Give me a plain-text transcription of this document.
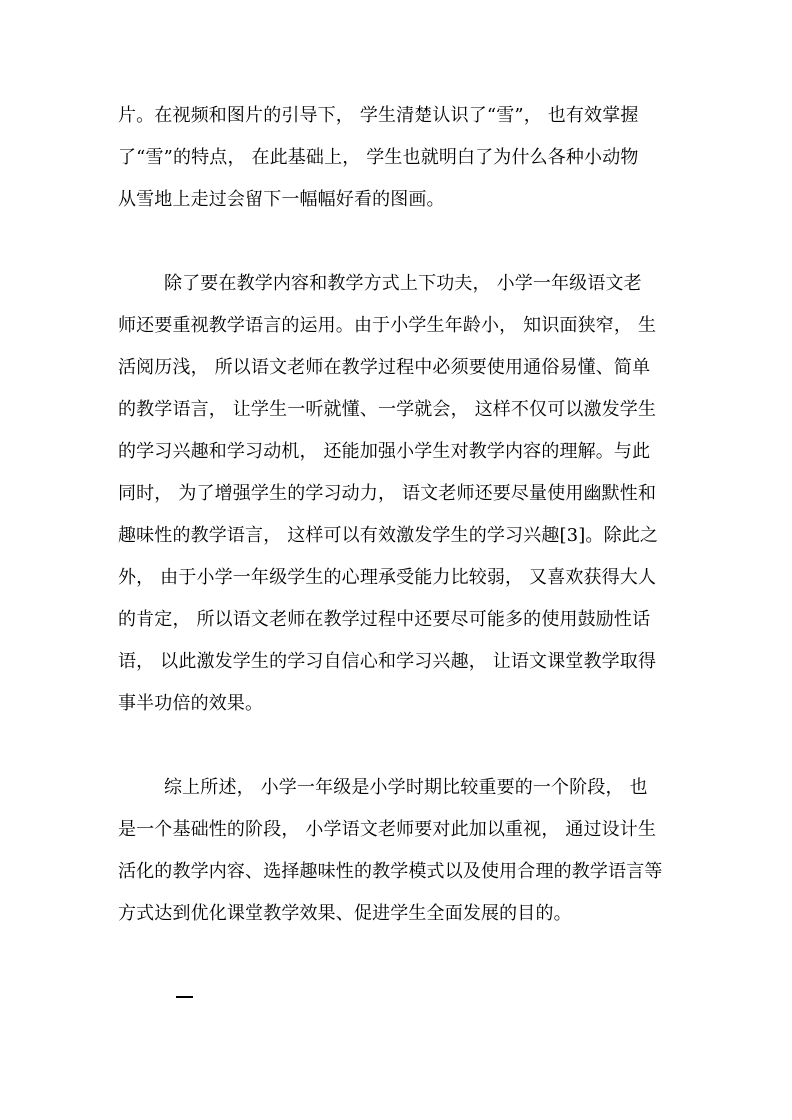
片。在视频和图片的引导下， 学生清楚认识了“雪”， 也有效掌握
了“雪”的特点， 在此基础上， 学生也就明白了为什么各种小动物
从雪地上走过会留下一幅幅好看的图画。
除了要在教学内容和教学方式上下功夫， 小学一年级语文老
师还要重视教学语言的运用。由于小学生年龄小， 知识面狭窄， 生
活阅历浅， 所以语文老师在教学过程中必须要使用通俗易懂、简单
的教学语言， 让学生一听就懂、一学就会， 这样不仅可以激发学生
的学习兴趣和学习动机， 还能加强小学生对教学内容的理解。与此
同时， 为了增强学生的学习动力， 语文老师还要尽量使用幽默性和
趣味性的教学语言， 这样可以有效激发学生的学习兴趣[3]。除此之
外， 由于小学一年级学生的心理承受能力比较弱， 又喜欢获得大人
的肯定， 所以语文老师在教学过程中还要尽可能多的使用鼓励性话
语， 以此激发学生的学习自信心和学习兴趣， 让语文课堂教学取得
事半功倍的效果。
综上所述， 小学一年级是小学时期比较重要的一个阶段， 也
是一个基础性的阶段， 小学语文老师要对此加以重视， 通过设计生
活化的教学内容、选择趣味性的教学模式以及使用合理的教学语言等
方式达到优化课堂教学效果、促进学生全面发展的目的。
